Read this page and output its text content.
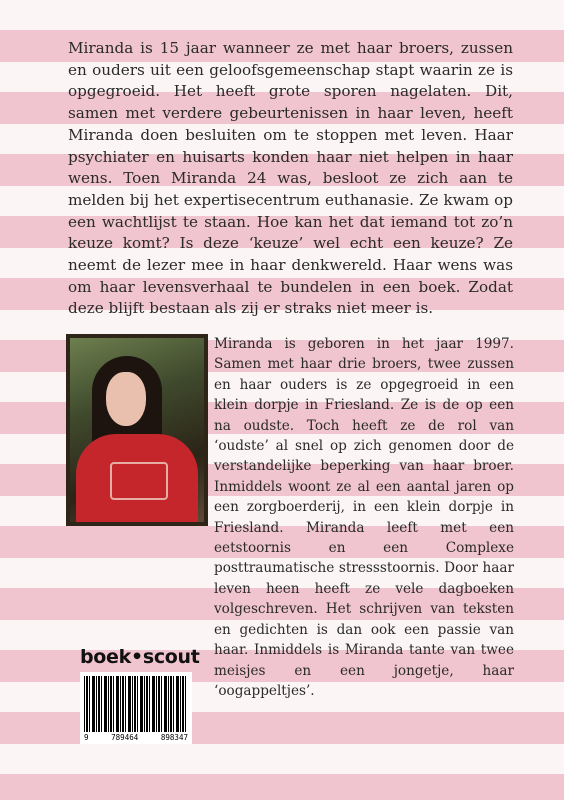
Miranda is 15 jaar wanneer ze met haar broers, zussen en ouders uit een geloofsgemeenschap stapt waarin ze is opgegroeid. Het heeft grote sporen nagelaten. Dit, samen met verdere gebeurtenissen in haar leven, heeft Miranda doen besluiten om te stoppen met leven. Haar psychiater en huisarts konden haar niet helpen in haar wens. Toen Miranda 24 was, besloot ze zich aan te melden bij het expertisecentrum euthanasie. Ze kwam op een wachtlijst te staan. Hoe kan het dat iemand tot zo’n keuze komt? Is deze ‘keuze’ wel echt een keuze? Ze neemt de lezer mee in haar denkwereld. Haar wens was om haar levensverhaal te bundelen in een boek. Zodat deze blijft bestaan als zij er straks niet meer is.

Miranda is geboren in het jaar 1997. Samen met haar drie broers, twee zussen en haar ouders is ze opgegroeid in een klein dorpje in Friesland. Ze is de op een na oudste. Toch heeft ze de rol van ‘oudste’ al snel op zich genomen door de verstandelijke beperking van haar broer. Inmiddels woont ze al een aantal jaren op een zorgboerderij, in een klein dorpje in Friesland. Miranda leeft met een eetstoornis en een Complexe posttraumatische stressstoornis. Door haar leven heen heeft ze vele dagboeken volgeschreven. Het schrijven van teksten en gedichten is dan ook een passie van haar. Inmiddels is Miranda tante van twee meisjes en een jongetje, haar ‘oogappeltjes’.

boek•scout
9	789464	898347
